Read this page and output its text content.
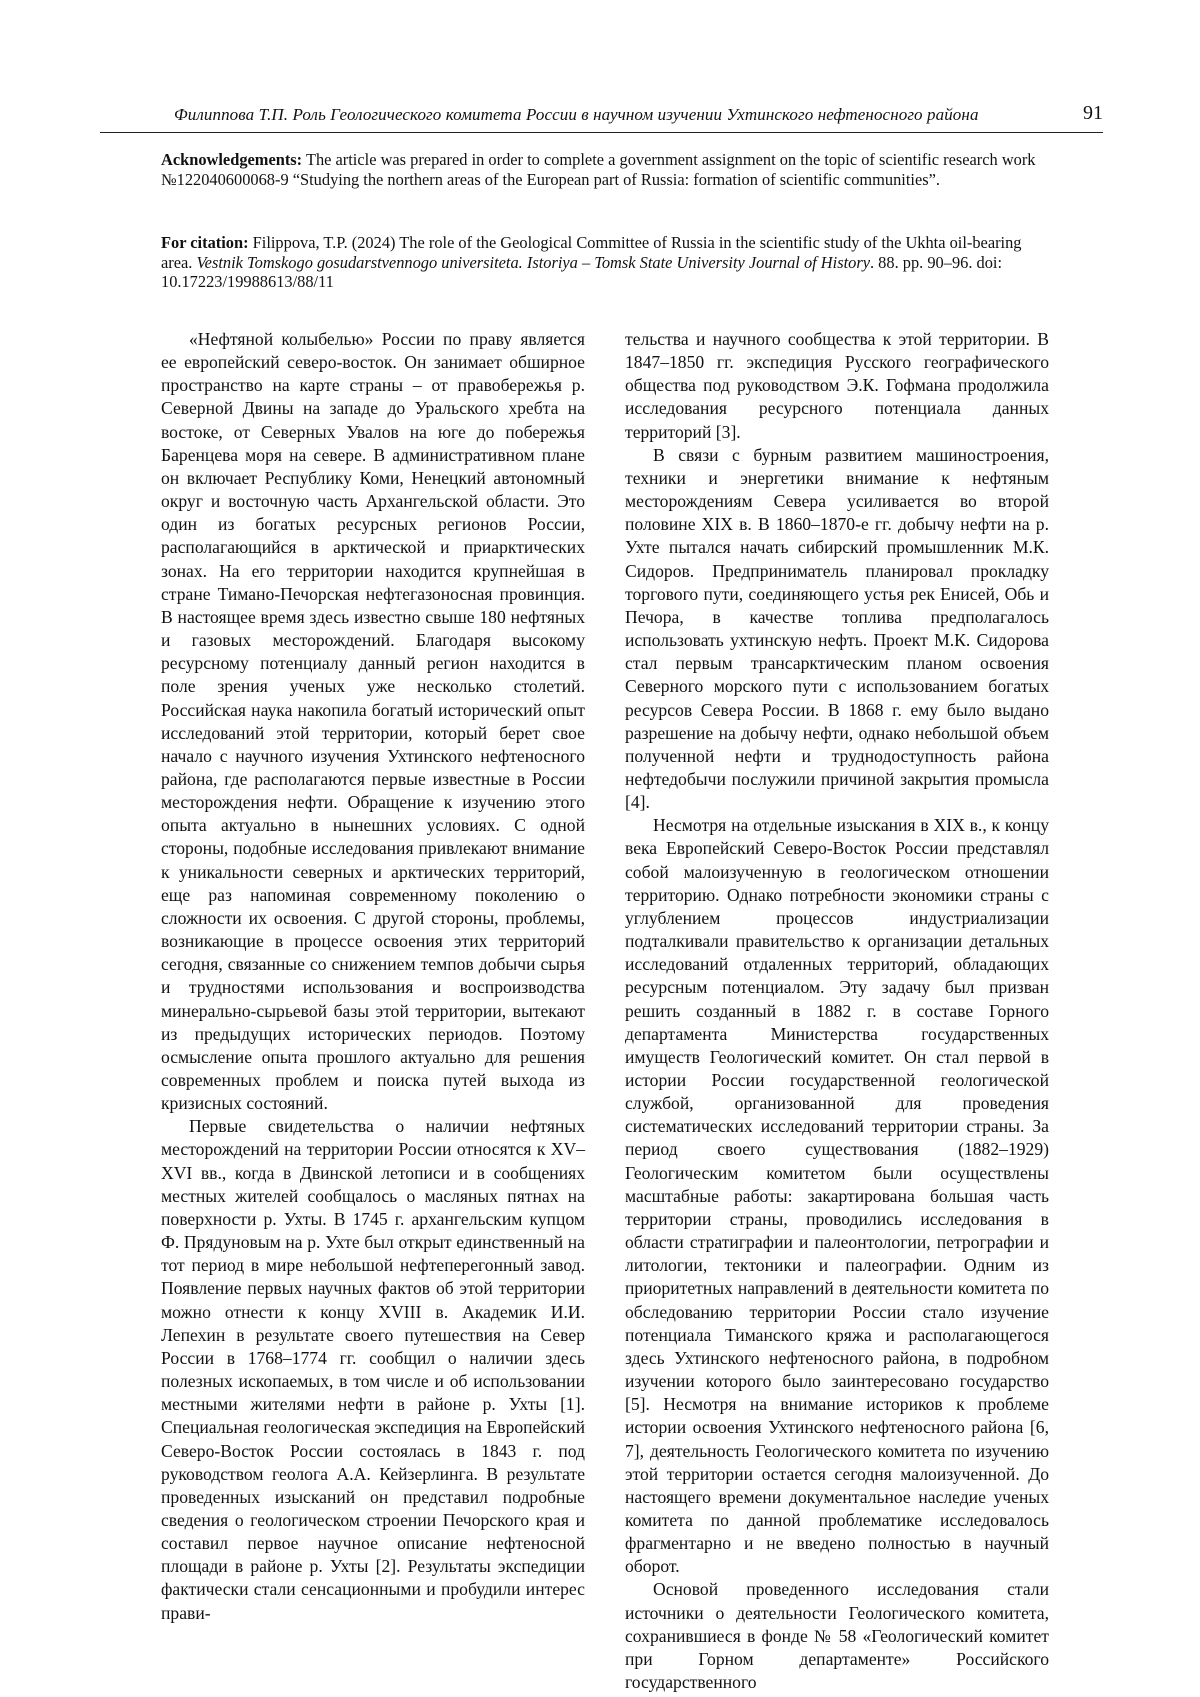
Филиппова Т.П. Роль Геологического комитета России в научном изучении Ухтинского нефтеносного района	91
Acknowledgements: The article was prepared in order to complete a government assignment on the topic of scientific research work №122040600068-9 “Studying the northern areas of the European part of Russia: formation of scientific communities”.
For citation: Filippova, T.P. (2024) The role of the Geological Committee of Russia in the scientific study of the Ukhta oil-bearing area. Vestnik Tomskogo gosudarstvennogo universiteta. Istoriya – Tomsk State University Journal of History. 88. pp. 90–96. doi: 10.17223/19988613/88/11

«Нефтяной колыбелью» России по праву является ее европейский северо-восток. Он занимает обширное пространство на карте страны – от правобережья р. Северной Двины на западе до Уральского хребта на востоке, от Северных Увалов на юге до побережья Баренцева моря на севере. В административном плане он включает Республику Коми, Ненецкий автономный округ и восточную часть Архангельской области. Это один из богатых ресурсных регионов России, располагающийся в арктической и приарктических зонах. На его территории находится крупнейшая в стране Тимано-Печорская нефтегазоносная провинция. В настоящее время здесь известно свыше 180 нефтяных и газовых месторождений. Благодаря высокому ресурсному потенциалу данный регион находится в поле зрения ученых уже несколько столетий. Российская наука накопила богатый исторический опыт исследований этой территории, который берет свое начало с научного изучения Ухтинского нефтеносного района, где располагаются первые известные в России месторождения нефти. Обращение к изучению этого опыта актуально в нынешних условиях. С одной стороны, подобные исследования привлекают внимание к уникальности северных и арктических территорий, еще раз напоминая современному поколению о сложности их освоения. С другой стороны, проблемы, возникающие в процессе освоения этих территорий сегодня, связанные со снижением темпов добычи сырья и трудностями использования и воспроизводства минерально-сырьевой базы этой территории, вытекают из предыдущих исторических периодов. Поэтому осмысление опыта прошлого актуально для решения современных проблем и поиска путей выхода из кризисных состояний.

Первые свидетельства о наличии нефтяных месторождений на территории России относятся к XV–XVI вв., когда в Двинской летописи и в сообщениях местных жителей сообщалось о масляных пятнах на поверхности р. Ухты. В 1745 г. архангельским купцом Ф. Прядуновым на р. Ухте был открыт единственный на тот период в мире небольшой нефтеперегонный завод. Появление первых научных фактов об этой территории можно отнести к концу XVIII в. Академик И.И. Лепехин в результате своего путешествия на Север России в 1768–1774 гг. сообщил о наличии здесь полезных ископаемых, в том числе и об использовании местными жителями нефти в районе р. Ухты [1]. Специальная геологическая экспедиция на Европейский Северо-Восток России состоялась в 1843 г. под руководством геолога А.А. Кейзерлинга. В результате проведенных изысканий он представил подробные сведения о геологическом строении Печорского края и составил первое научное описание нефтеносной площади в районе р. Ухты [2]. Результаты экспедиции фактически стали сенсационными и пробудили интерес прави-

тельства и научного сообщества к этой территории. В 1847–1850 гг. экспедиция Русского географического общества под руководством Э.К. Гофмана продолжила исследования ресурсного потенциала данных территорий [3].

В связи с бурным развитием машиностроения, техники и энергетики внимание к нефтяным месторождениям Севера усиливается во второй половине XIX в. В 1860–1870-е гг. добычу нефти на р. Ухте пытался начать сибирский промышленник М.К. Сидоров. Предприниматель планировал прокладку торгового пути, соединяющего устья рек Енисей, Обь и Печора, в качестве топлива предполагалось использовать ухтинскую нефть. Проект М.К. Сидорова стал первым трансарктическим планом освоения Северного морского пути с использованием богатых ресурсов Севера России. В 1868 г. ему было выдано разрешение на добычу нефти, однако небольшой объем полученной нефти и труднодоступность района нефтедобычи послужили причиной закрытия промысла [4].

Несмотря на отдельные изыскания в XIX в., к концу века Европейский Северо-Восток России представлял собой малоизученную в геологическом отношении территорию. Однако потребности экономики страны с углублением процессов индустриализации подталкивали правительство к организации детальных исследований отдаленных территорий, обладающих ресурсным потенциалом. Эту задачу был призван решить созданный в 1882 г. в составе Горного департамента Министерства государственных имуществ Геологический комитет. Он стал первой в истории России государственной геологической службой, организованной для проведения систематических исследований территории страны. За период своего существования (1882–1929) Геологическим комитетом были осуществлены масштабные работы: закартирована большая часть территории страны, проводились исследования в области стратиграфии и палеонтологии, петрографии и литологии, тектоники и палеографии. Одним из приоритетных направлений в деятельности комитета по обследованию территории России стало изучение потенциала Тиманского кряжа и располагающегося здесь Ухтинского нефтеносного района, в подробном изучении которого было заинтересовано государство [5]. Несмотря на внимание историков к проблеме истории освоения Ухтинского нефтеносного района [6, 7], деятельность Геологического комитета по изучению этой территории остается сегодня малоизученной. До настоящего времени документальное наследие ученых комитета по данной проблематике исследовалось фрагментарно и не введено полностью в научный оборот.

Основой проведенного исследования стали источники о деятельности Геологического комитета, сохранившиеся в фонде № 58 «Геологический комитет при Горном департаменте» Российского государственного
